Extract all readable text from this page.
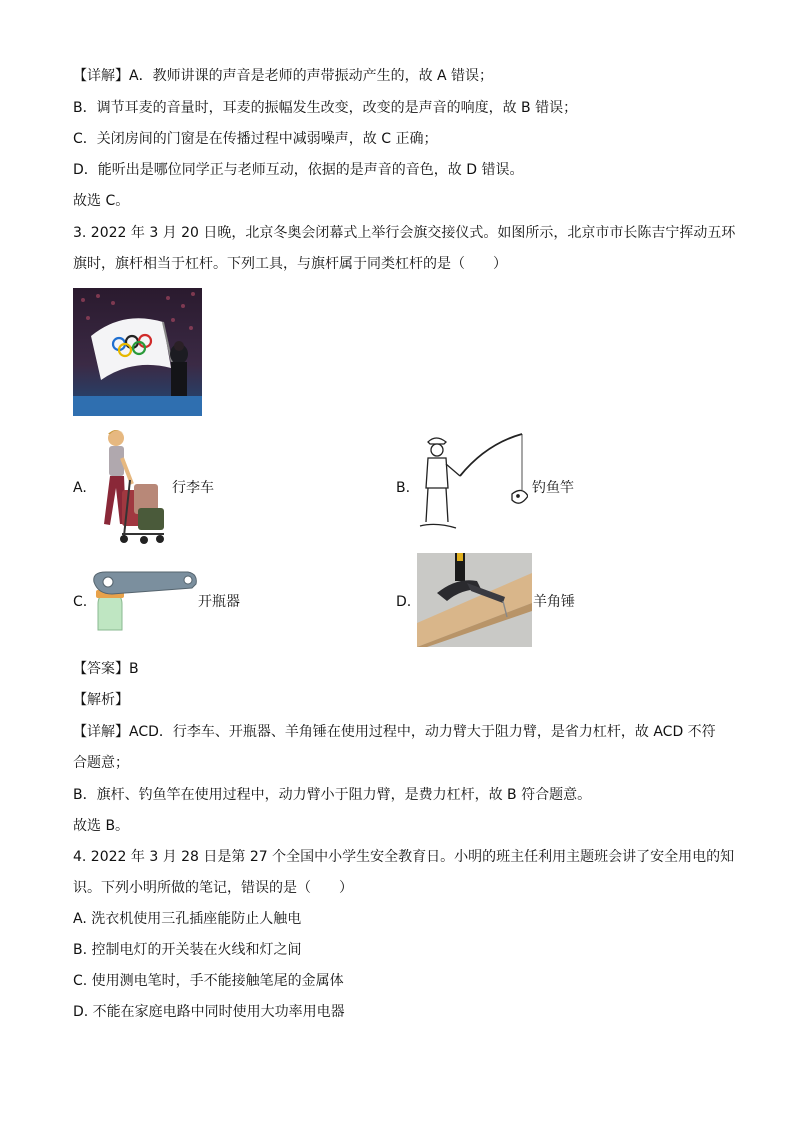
【详解】A．教师讲课的声音是老师的声带振动产生的，故 A 错误；
B．调节耳麦的音量时，耳麦的振幅发生改变，改变的是声音的响度，故 B 错误；
C．关闭房间的门窗是在传播过程中减弱噪声，故 C 正确；
D．能听出是哪位同学正与老师互动，依据的是声音的音色，故 D 错误。
故选 C。
3. 2022 年 3 月 20 日晚，北京冬奥会闭幕式上举行会旗交接仪式。如图所示，北京市市长陈吉宁挥动五环
旗时，旗杆相当于杠杆。下列工具，与旗杆属于同类杠杆的是（　　）
A.	行李车	B.	钓鱼竿
C.	开瓶器	D.	羊角锤
【答案】B
【解析】
【详解】ACD．行李车、开瓶器、羊角锤在使用过程中，动力臂大于阻力臂，是省力杠杆，故 ACD 不符
合题意；
B．旗杆、钓鱼竿在使用过程中，动力臂小于阻力臂，是费力杠杆，故 B 符合题意。
故选 B。
4. 2022 年 3 月 28 日是第 27 个全国中小学生安全教育日。小明的班主任利用主题班会讲了安全用电的知
识。下列小明所做的笔记，错误的是（　　）
A. 洗衣机使用三孔插座能防止人触电
B. 控制电灯的开关装在火线和灯之间
C. 使用测电笔时，手不能接触笔尾的金属体
D. 不能在家庭电路中同时使用大功率用电器
